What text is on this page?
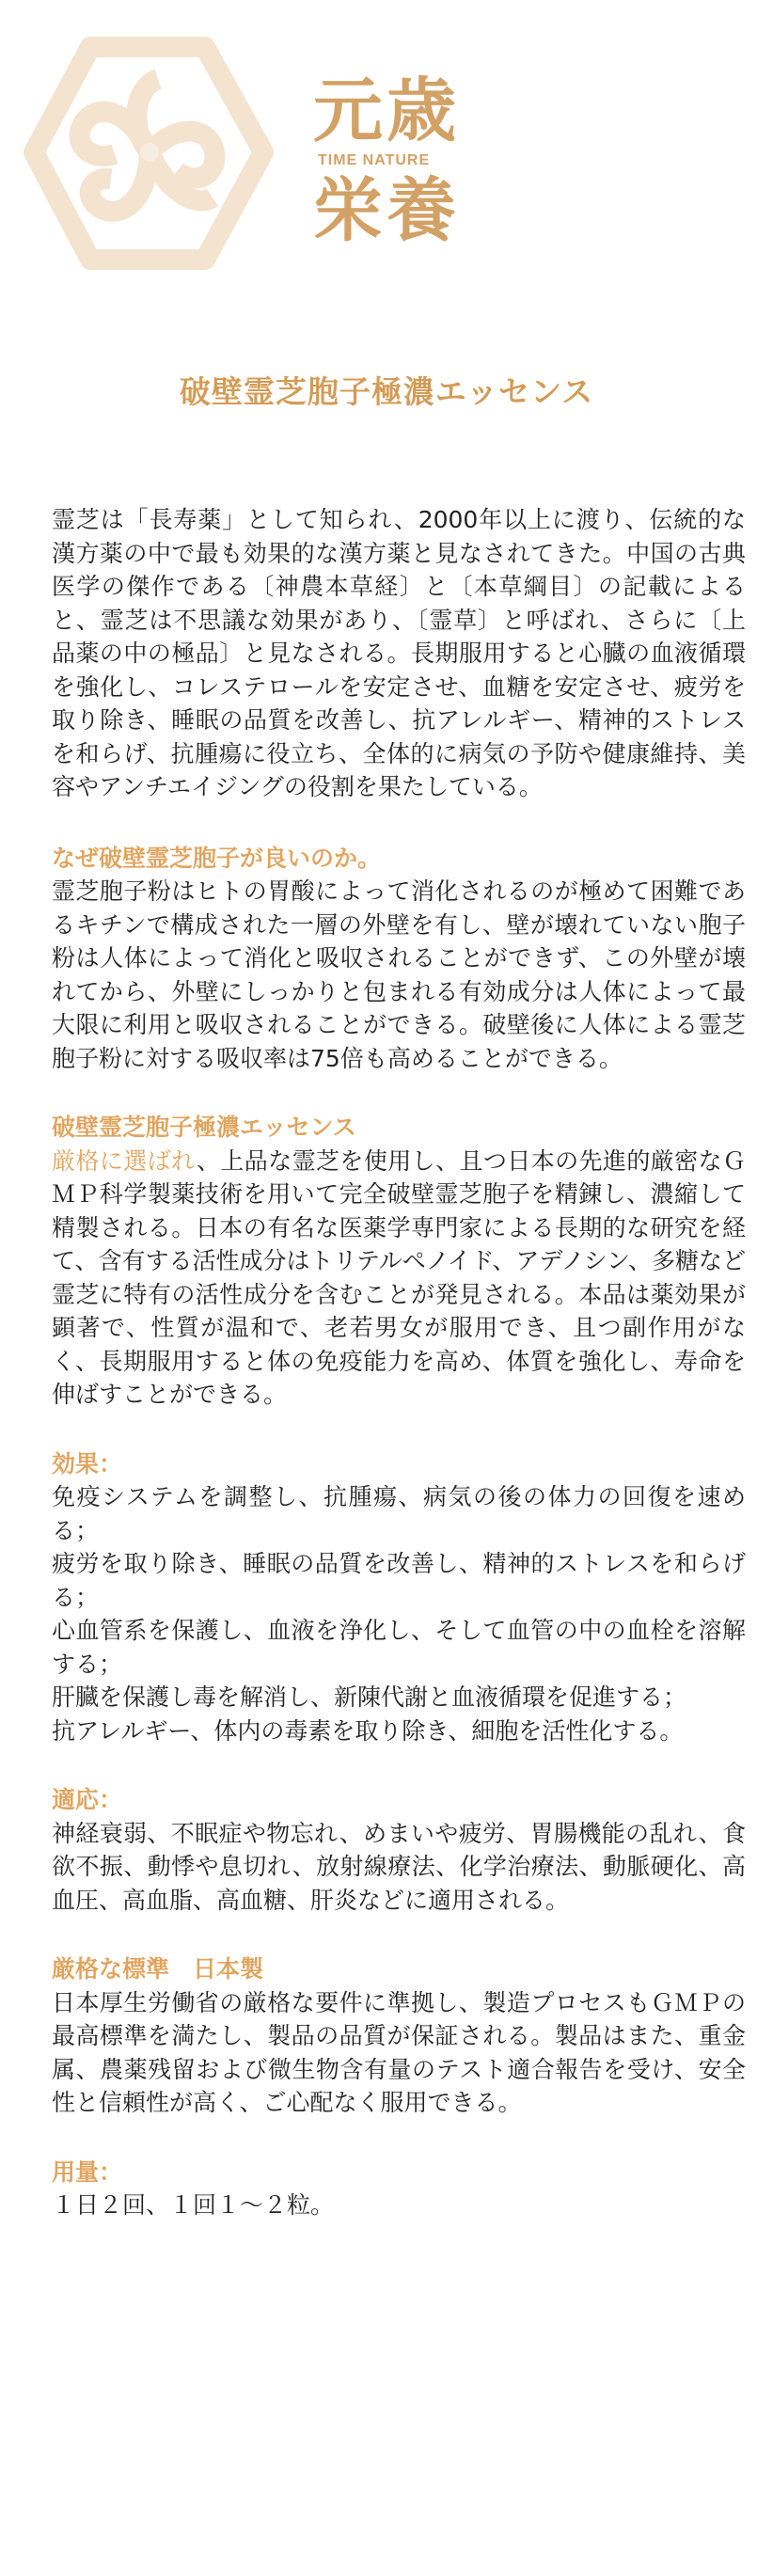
元歳
TIME NATURE
栄養
破壁霊芝胞子極濃エッセンス

霊芝は「長寿薬」として知られ、2000年以上に渡り、伝統的な漢方薬の中で最も効果的な漢方薬と見なされてきた。中国の古典医学の傑作である〔神農本草経〕と〔本草綱目〕の記載によると、霊芝は不思議な効果があり、〔霊草〕と呼ばれ、さらに〔上品薬の中の極品〕と見なされる。長期服用すると心臓の血液循環を強化し、コレステロールを安定させ、血糖を安定させ、疲労を取り除き、睡眠の品質を改善し、抗アレルギー、精神的ストレスを和らげ、抗腫瘍に役立ち、全体的に病気の予防や健康維持、美容やアンチエイジングの役割を果たしている。

なぜ破壁霊芝胞子が良いのか。

霊芝胞子粉はヒトの胃酸によって消化されるのが極めて困難であるキチンで構成された一層の外壁を有し、壁が壊れていない胞子粉は人体によって消化と吸収されることができず、この外壁が壊れてから、外壁にしっかりと包まれる有効成分は人体によって最大限に利用と吸収されることができる。破壁後に人体による霊芝胞子粉に対する吸収率は75倍も高めることができる。

破壁霊芝胞子極濃エッセンス

厳格に選ばれ、上品な霊芝を使用し、且つ日本の先進的厳密なＧＭＰ科学製薬技術を用いて完全破壁霊芝胞子を精錬し、濃縮して精製される。日本の有名な医薬学専門家による長期的な研究を経て、含有する活性成分はトリテルペノイド、アデノシン、多糖など霊芝に特有の活性成分を含むことが発見される。本品は薬効果が顕著で、性質が温和で、老若男女が服用でき、且つ副作用がなく、長期服用すると体の免疫能力を高め、体質を強化し、寿命を伸ばすことができる。

効果：

免疫システムを調整し、抗腫瘍、病気の後の体力の回復を速める；

疲労を取り除き、睡眠の品質を改善し、精神的ストレスを和らげる；

心血管系を保護し、血液を浄化し、そして血管の中の血栓を溶解する；

肝臓を保護し毒を解消し、新陳代謝と血液循環を促進する；

抗アレルギー、体内の毒素を取り除き、細胞を活性化する。

適応：

神経衰弱、不眠症や物忘れ、めまいや疲労、胃腸機能の乱れ、食欲不振、動悸や息切れ、放射線療法、化学治療法、動脈硬化、高血圧、高血脂、高血糖、肝炎などに適用される。

厳格な標準　日本製

日本厚生労働省の厳格な要件に準拠し、製造プロセスもＧＭＰの最高標準を満たし、製品の品質が保証される。製品はまた、重金属、農薬残留および微生物含有量のテスト適合報告を受け、安全性と信頼性が高く、ご心配なく服用できる。

用量：

１日２回、１回１～２粒。
